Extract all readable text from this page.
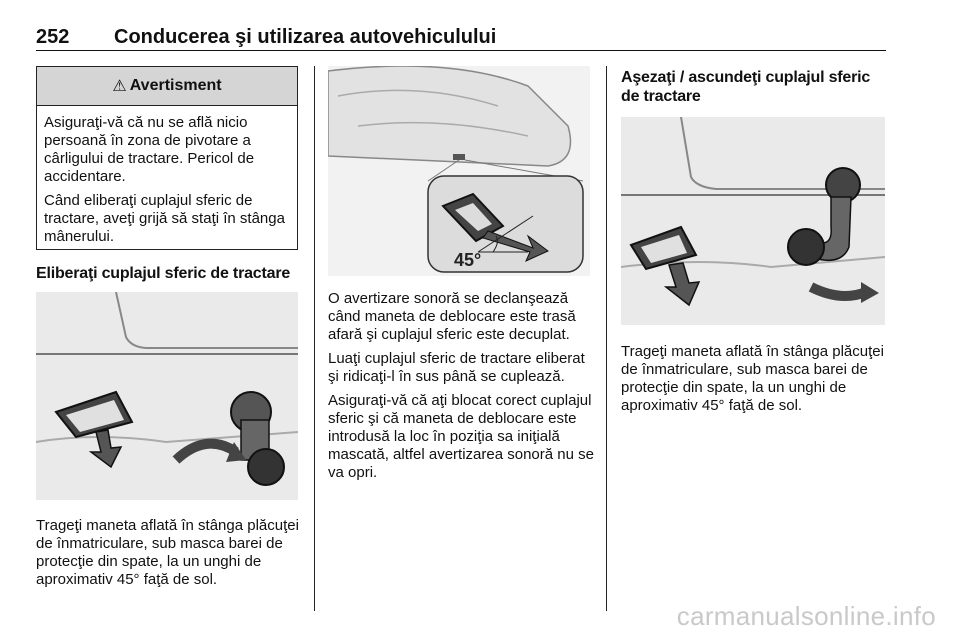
252 Conducerea şi utilizarea autovehiculului
⚠ Avertisment

Asiguraţi-vă că nu se află nicio persoană în zona de pivotare a cârligului de tractare. Pericol de accidentare.

Când eliberaţi cuplajul sferic de tractare, aveţi grijă să staţi în stânga mânerului.

Eliberaţi cuplajul sferic de tractare

Trageţi maneta aflată în stânga plăcuţei de înmatriculare, sub masca barei de protecţie din spate, la un unghi de aproximativ 45° faţă de sol.

45°

O avertizare sonoră se declanşează când maneta de deblocare este trasă afară şi cuplajul sferic este decuplat.

Luaţi cuplajul sferic de tractare eliberat şi ridicaţi-l în sus până se cuplează.

Asiguraţi-vă că aţi blocat corect cuplajul sferic şi că maneta de deblocare este introdusă la loc în poziţia sa iniţială mascată, altfel avertizarea sonoră nu se va opri.

Aşezaţi / ascundeţi cuplajul sferic de tractare

Trageţi maneta aflată în stânga plăcuţei de înmatriculare, sub masca barei de protecţie din spate, la un unghi de aproximativ 45° faţă de sol.

carmanualsonline.info
